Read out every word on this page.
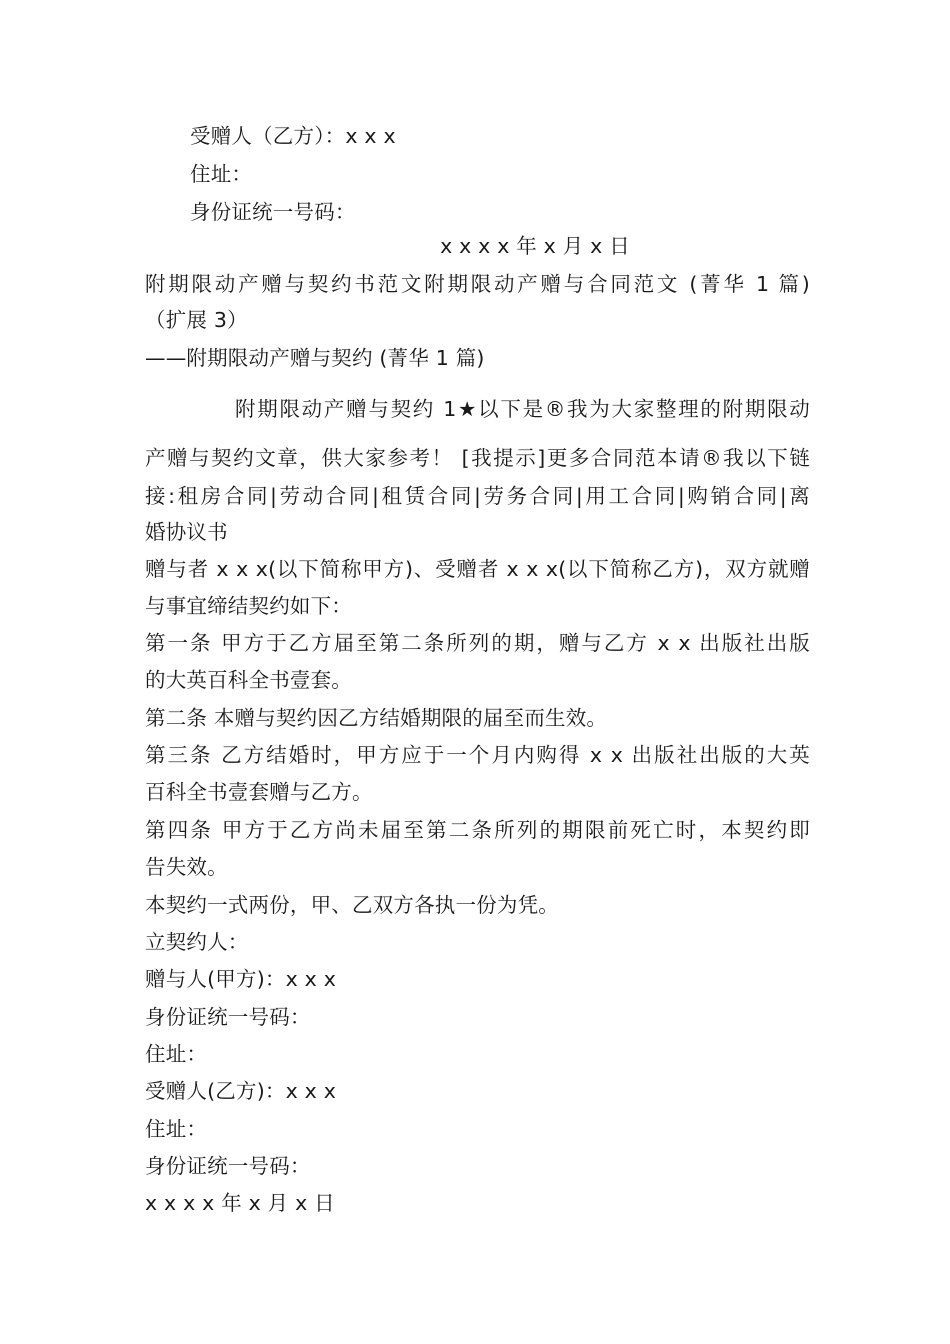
受赠人（乙方）：x x x
住址：
身份证统一号码：
x x x x 年 x 月 x 日
附期限动产赠与契约书范文附期限动产赠与合同范文 (菁华 1 篇)
（扩展 3）
——附期限动产赠与契约 (菁华 1 篇)
附期限动产赠与契约 1★以下是®我为大家整理的附期限动
产赠与契约文章，供大家参考！ [我提示]更多合同范本请®我以下链
接:租房合同|劳动合同|租赁合同|劳务合同|用工合同|购销合同|离
婚协议书
赠与者 x x x(以下简称甲方)、受赠者 x x x(以下简称乙方)，双方就赠
与事宜缔结契约如下：
第一条 甲方于乙方届至第二条所列的期，赠与乙方 x x 出版社出版
的大英百科全书壹套。
第二条 本赠与契约因乙方结婚期限的届至而生效。
第三条 乙方结婚时，甲方应于一个月内购得 x x 出版社出版的大英
百科全书壹套赠与乙方。
第四条 甲方于乙方尚未届至第二条所列的期限前死亡时，本契约即
告失效。
本契约一式两份，甲、乙双方各执一份为凭。
立契约人：
赠与人(甲方)：x x x
身份证统一号码：
住址：
受赠人(乙方)：x x x
住址：
身份证统一号码：
x x x x 年 x 月 x 日
